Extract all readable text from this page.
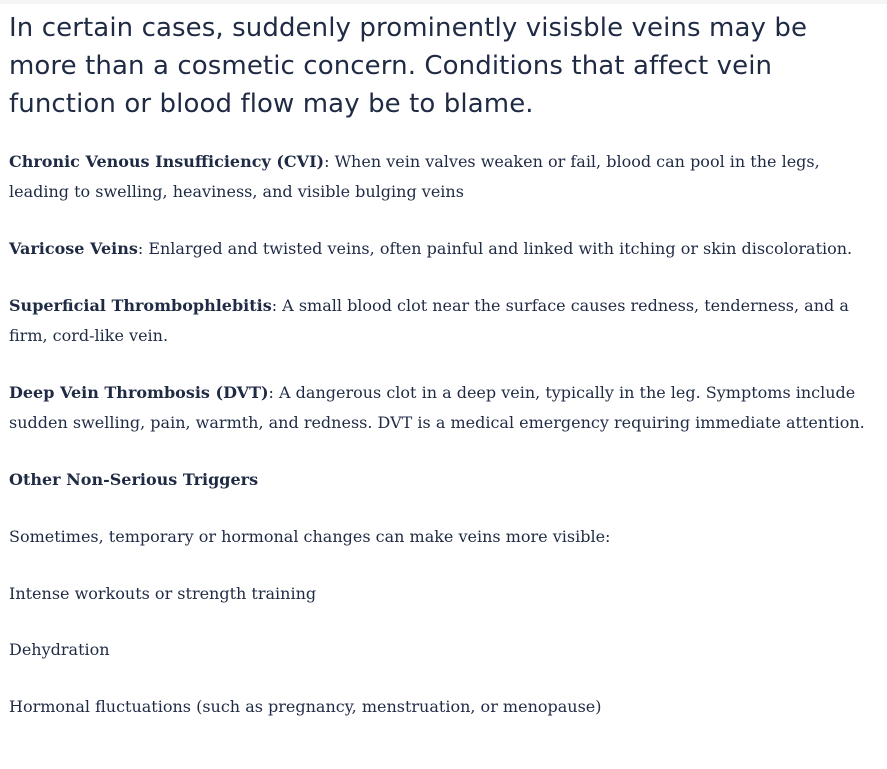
In certain cases, suddenly prominently visisble veins may be more than a cosmetic concern. Conditions that affect vein function or blood flow may be to blame.

Chronic Venous Insufficiency (CVI): When vein valves weaken or fail, blood can pool in the legs, leading to swelling, heaviness, and visible bulging veins

Varicose Veins: Enlarged and twisted veins, often painful and linked with itching or skin discoloration.

Superficial Thrombophlebitis: A small blood clot near the surface causes redness, tenderness, and a firm, cord-like vein.

Deep Vein Thrombosis (DVT): A dangerous clot in a deep vein, typically in the leg. Symptoms include sudden swelling, pain, warmth, and redness. DVT is a medical emergency requiring immediate attention.

Other Non-Serious Triggers

Sometimes, temporary or hormonal changes can make veins more visible:

Intense workouts or strength training

Dehydration

Hormonal fluctuations (such as pregnancy, menstruation, or menopause)
